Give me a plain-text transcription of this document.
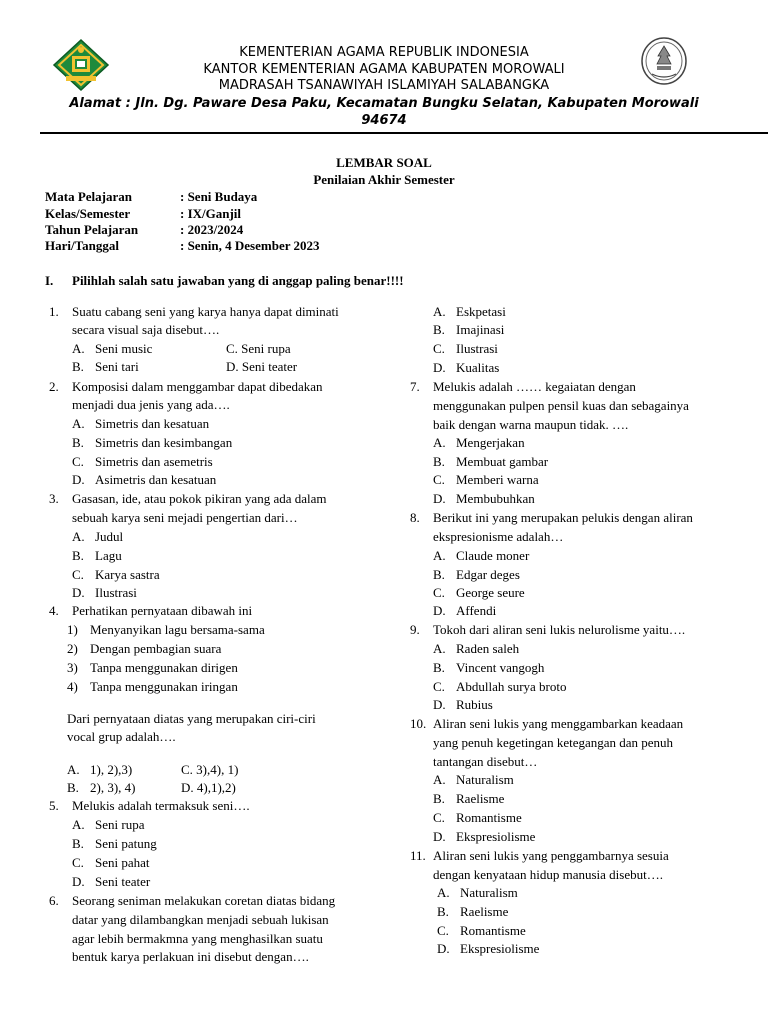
KEMENTERIAN AGAMA REPUBLIK INDONESIA
KANTOR KEMENTERIAN AGAMA KABUPATEN MOROWALI
MADRASAH TSANAWIYAH ISLAMIYAH SALABANGKA
Alamat : Jln. Dg. Paware Desa Paku, Kecamatan Bungku Selatan, Kabupaten Morowali
94674
LEMBAR SOAL
Penilaian Akhir Semester
Mata Pelajaran	: Seni Budaya
Kelas/Semester	: IX/Ganjil
Tahun Pelajaran	: 2023/2024
Hari/Tanggal	: Senin, 4 Desember 2023
I. Pilihlah salah satu jawaban yang di anggap paling benar!!!!
1. Suatu cabang seni yang karya hanya dapat diminati
secara visual saja disebut….
A. Seni music	C. Seni rupa
B. Seni tari	D. Seni teater
2. Komposisi dalam menggambar dapat dibedakan
menjadi dua jenis yang ada….
A. Simetris dan kesatuan
B. Simetris dan kesimbangan
C. Simetris dan asemetris
D. Asimetris dan kesatuan
3. Gasasan, ide, atau pokok pikiran yang ada dalam
sebuah karya seni mejadi pengertian dari…
A. Judul
B. Lagu
C. Karya sastra
D. Ilustrasi
4. Perhatikan pernyataan dibawah ini
1) Menyanyikan lagu bersama-sama
2) Dengan pembagian suara
3) Tanpa menggunakan dirigen
4) Tanpa menggunakan iringan
Dari pernyataan diatas yang merupakan ciri-ciri
vocal grup adalah….
A. 1), 2),3)	C. 3),4), 1)
B. 2), 3), 4)	D. 4),1),2)
5. Melukis adalah termaksuk seni….
A. Seni rupa
B. Seni patung
C. Seni pahat
D. Seni teater
6. Seorang seniman melakukan coretan diatas bidang
datar yang dilambangkan menjadi sebuah lukisan
agar lebih bermakmna yang menghasilkan suatu
bentuk karya perlakuan ini disebut dengan….
A. Eskpetasi
B. Imajinasi
C. Ilustrasi
D. Kualitas
7. Melukis adalah …… kegaiatan dengan
menggunakan pulpen pensil kuas dan sebagainya
baik dengan warna maupun tidak. ….
A. Mengerjakan
B. Membuat gambar
C. Memberi warna
D. Membubuhkan
8. Berikut ini yang merupakan pelukis dengan aliran
ekspresionisme adalah…
A. Claude moner
B. Edgar deges
C. George seure
D. Affendi
9. Tokoh dari aliran seni lukis nelurolisme yaitu….
A. Raden saleh
B. Vincent vangogh
C. Abdullah surya broto
D. Rubius
10. Aliran seni lukis yang menggambarkan keadaan
yang penuh kegetingan ketegangan dan penuh
tantangan disebut…
A. Naturalism
B. Raelisme
C. Romantisme
D. Ekspresiolisme
11. Aliran seni lukis yang penggambarnya sesuia
dengan kenyataan hidup manusia disebut….
A. Naturalism
B. Raelisme
C. Romantisme
D. Ekspresiolisme
